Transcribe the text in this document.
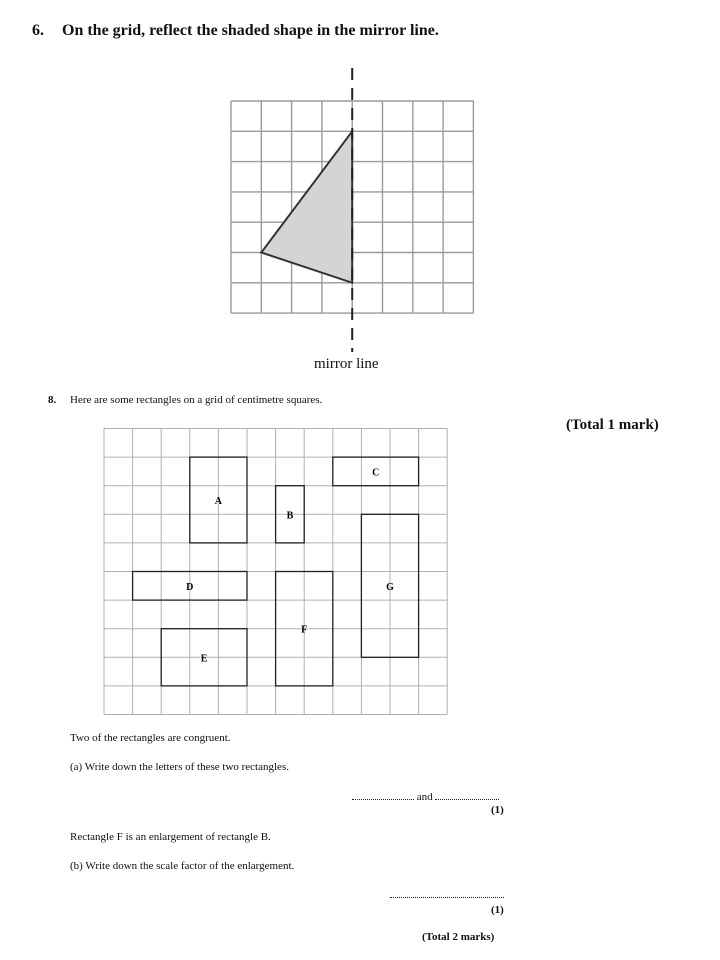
6. On the grid, reflect the shaded shape in the mirror line.
A
B
C
D
E
F
G
mirror line
8. Here are some rectangles on a grid of centimetre squares.
(Total 1 mark)
Two of the rectangles are congruent.
(a) Write down the letters of these two rectangles.
and
(1)
Rectangle F is an enlargement of rectangle B.
(b) Write down the scale factor of the enlargement.
(1)
(Total 2 marks)
